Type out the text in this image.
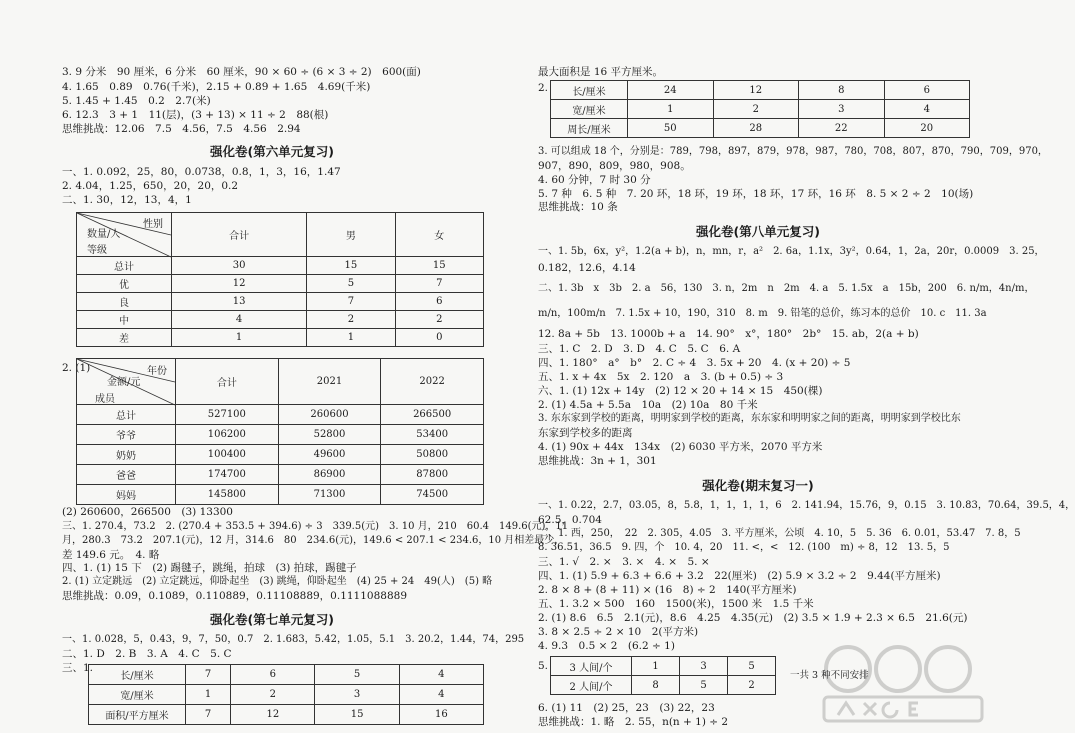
3. 9 分米　90 厘米，6 分米　60 厘米，90 × 60 ÷ (6 × 3 ÷ 2)　600(面)
4. 1.65　0.89　0.76(千米)，2.15 + 0.89 + 1.65　4.69(千米)
5. 1.45 + 1.45　0.2　2.7(米)
6. 12.3　3 + 1　11(层)，(3 + 13) × 11 ÷ 2　88(根)
思维挑战：12.06　7.5　4.56，7.5　4.56　2.94
强化卷(第六单元复习)
一、1. 0.092，25，80，0.0738，0.8，1，3，16，1.47
2. 4.04，1.25，650，20，20，0.2
二、1. 30，12，13，4，1
性别
数量/人
等级	合计	男	女
总计	30	15	15
优	12	5	7
良	13	7	6
中	4	2	2
差	1	1	0
2. (1)	年份
金额/元
成员	合计	2021	2022
总计	527100	260600	266500
爷爷	106200	52800	53400
奶奶	100400	49600	50800
爸爸	174700	86900	87800
妈妈	145800	71300	74500
(2) 260600，266500　(3) 13300
三、1. 270.4，73.2　2. (270.4 + 353.5 + 394.6) ÷ 3　339.5(元)　3. 10 月，210　60.4　149.6(元)，11
月，280.3　73.2　207.1(元)，12 月，314.6　80　234.6(元)，149.6 < 207.1 < 234.6，10 月相差最少，
差 149.6 元。　4. 略
四、1. (1) 15 下　(2) 踢毽子，跳绳，拍球　(3) 拍球，踢毽子
2. (1) 立定跳远　(2) 立定跳远，仰卧起坐　(3) 跳绳，仰卧起坐　(4) 25 + 24　49(人)　(5) 略
思维挑战：0.09，0.1089，0.110889，0.11108889，0.1111088889
强化卷(第七单元复习)
一、1. 0.028，5，0.43，9，7，50，0.7　2. 1.683，5.42，1.05，5.1　3. 20.2，1.44，74，295
二、1. D　2. B　3. A　4. C　5. C
三、1.
长/厘米	7	6	5	4
宽/厘米	1	2	3	4
面积/平方厘米	7	12	15	16
最大面积是 16 平方厘米。
2. 长/厘米	24	12	8	6
宽/厘米	1	2	3	4
周长/厘米	50	28	22	20
3. 可以组成 18 个，分别是：789，798，897，879，978，987，780，708，807，870，790，709，970，
907，890，809，980，908。
4. 60 分钟，7 时 30 分
5. 7 种　6. 5 种　7. 20 环，18 环，19 环，18 环，17 环，16 环　8. 5 × 2 ÷ 2　10(场)
思维挑战：10 条
强化卷(第八单元复习)
一、1. 5b，6x，y²，1.2(a + b)，n，mn，r，a²　2. 6a，1.1x，3y²，0.64，1，2a，20r，0.0009　3. 25，
0.182，12.6，4.14
二、1. 3b　x　3b　2. a　56，130　3. n，2m　n　2m　4. a　5. 1.5x　a　15b，200　6. n/m，4n/m，
m/n，100m/n　7. 1.5x + 10，190，310　8. m　9. 铅笔的总价，练习本的总价　10. c　11. 3a
12. 8a + 5b　13. 1000b + a　14. 90°　x°，180°　2b°　15. ab，2(a + b)
三、1. C　2. D　3. D　4. C　5. C　6. A
四、1. 180°　a°　b°　2. C ÷ 4　3. 5x + 20　4. (x + 20) ÷ 5
五、1. x + 4x　5x　2. 120　a　3. (b + 0.5) ÷ 3
六、1. (1) 12x + 14y　(2) 12 × 20 + 14 × 15　450(棵)
2. (1) 4.5a + 5.5a　10a　(2) 10a　80 千米
3. 东东家到学校的距离，明明家到学校的距离，东东家和明明家之间的距离，明明家到学校比东
东家到学校多的距离
4. (1) 90x + 44x　134x　(2) 6030 平方米，2070 平方米
思维挑战：3n + 1，301
强化卷(期末复习一)
一、1. 0.22，2.7，03.05，8，5.8，1，1，1，1，6　2. 141.94，15.76，9，0.15　3. 10.83，70.64，39.5，4，
62.5，0.704
二、1. 西，250，　22　2. 305，4.05　3. 平方厘米，公顷　4. 10，5　5. 36　6. 0.01，53.47　7. 8，5
8. 36.51，36.5　9. 四，个　10. 4，20　11. <，<　12. (100　m) ÷ 8，12　13. 5，5
三、1. √　2. ×　3. ×　4. ×　5. ×
四、1. (1) 5.9 + 6.3 + 6.6 + 3.2　22(厘米)　(2) 5.9 × 3.2 ÷ 2　9.44(平方厘米)
2. 8 × 8 + (8 + 11) × (16　8) ÷ 2　140(平方厘米)
五、1. 3.2 × 500　160　1500(米)，1500 米　1.5 千米
2. (1) 8.6　6.5　2.1(元)，8.6　4.25　4.35(元)　(2) 3.5 × 1.9 + 2.3 × 6.5　21.6(元)
3. 8 × 2.5 ÷ 2 × 10　2(平方米)
4. 9.3　0.5 × 2　(6.2 ÷ 1)
5. 3 人间/个	1	3	5
2 人间/个	8	5	2
一共 3 种不同安排
6. (1) 11　(2) 25，23　(3) 22，23
思维挑战：1. 略　2. 55，n(n + 1) ÷ 2
